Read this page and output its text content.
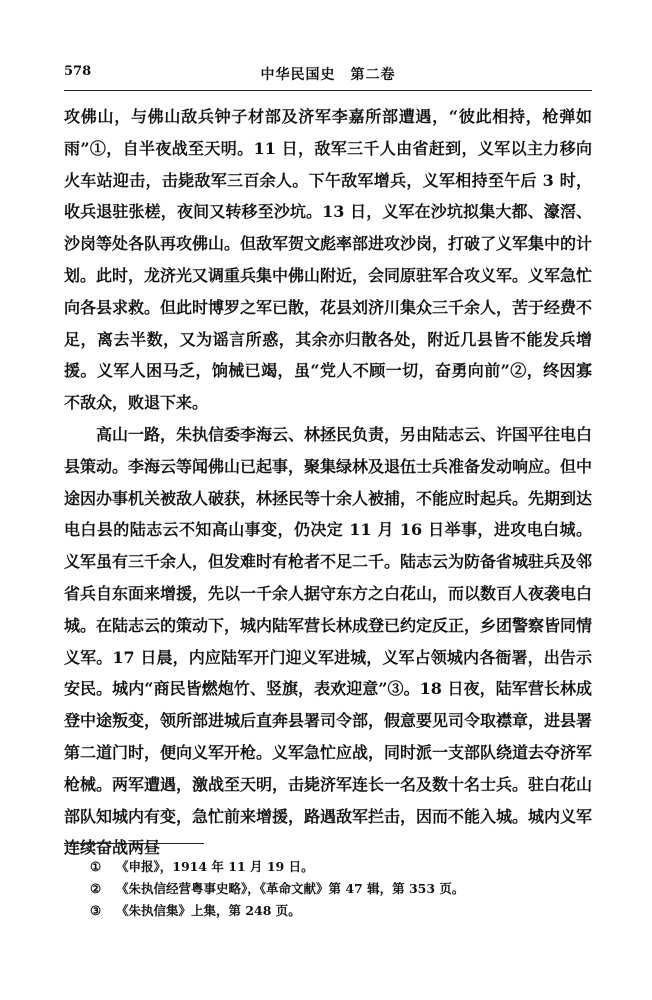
578	中华民国史　第二卷

攻佛山，与佛山敌兵钟子材部及济军李嘉所部遭遇，“彼此相持，枪弹如雨”①，自半夜战至天明。11 日，敌军三千人由省赶到，义军以主力移向火车站迎击，击毙敌军三百余人。下午敌军增兵，义军相持至午后 3 时，收兵退驻张槎，夜间又转移至沙坑。13 日，义军在沙坑拟集大都、濠滘、沙岗等处各队再攻佛山。但敌军贺文彪率部进攻沙岗，打破了义军集中的计划。此时，龙济光又调重兵集中佛山附近，会同原驻军合攻义军。义军急忙向各县求救。但此时博罗之军已散，花县刘济川集众三千余人，苦于经费不足，离去半数，又为谣言所惑，其余亦归散各处，附近几县皆不能发兵增援。义军人困马乏，饷械已竭，虽“党人不顾一切，奋勇向前”②，终因寡不敌众，败退下来。

高山一路，朱执信委李海云、林拯民负责，另由陆志云、许国平往电白县策动。李海云等闻佛山已起事，聚集绿林及退伍士兵准备发动响应。但中途因办事机关被敌人破获，林拯民等十余人被捕，不能应时起兵。先期到达电白县的陆志云不知高山事变，仍决定 11 月 16 日举事，进攻电白城。义军虽有三千余人，但发难时有枪者不足二千。陆志云为防备省城驻兵及邻省兵自东面来增援，先以一千余人据守东方之白花山，而以数百人夜袭电白城。在陆志云的策动下，城内陆军营长林成登已约定反正，乡团警察皆同情义军。17 日晨，内应陆军开门迎义军进城，义军占领城内各衙署，出告示安民。城内“商民皆燃炮竹、竖旗，表欢迎意”③。18 日夜，陆军营长林成登中途叛变，领所部进城后直奔县署司令部，假意要见司令取襟章，进县署第二道门时，便向义军开枪。义军急忙应战，同时派一支部队绕道去夺济军枪械。两军遭遇，激战至天明，击毙济军连长一名及数十名士兵。驻白花山部队知城内有变，急忙前来增援，路遇敌军拦击，因而不能入城。城内义军连续奋战两昼

① 《申报》，1914 年 11 月 19 日。
② 《朱执信经营粤事史略》，《革命文献》第 47 辑，第 353 页。
③ 《朱执信集》上集，第 248 页。
